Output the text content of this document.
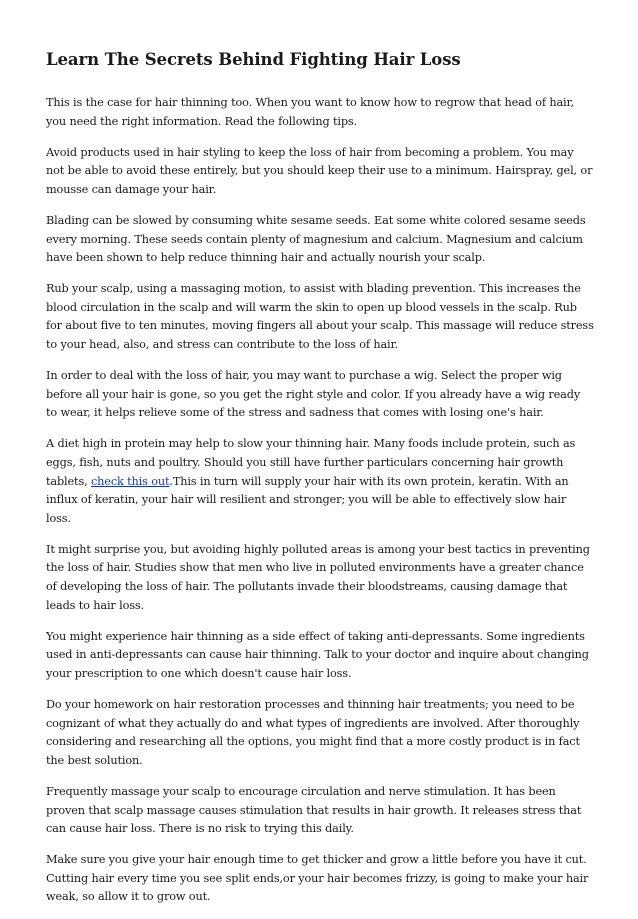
Learn The Secrets Behind Fighting Hair Loss

This is the case for hair thinning too. When you want to know how to regrow that head of hair, you need the right information. Read the following tips.

Avoid products used in hair styling to keep the loss of hair from becoming a problem. You may not be able to avoid these entirely, but you should keep their use to a minimum. Hairspray, gel, or mousse can damage your hair.

Blading can be slowed by consuming white sesame seeds. Eat some white colored sesame seeds every morning. These seeds contain plenty of magnesium and calcium. Magnesium and calcium have been shown to help reduce thinning hair and actually nourish your scalp.

Rub your scalp, using a massaging motion, to assist with blading prevention. This increases the blood circulation in the scalp and will warm the skin to open up blood vessels in the scalp. Rub for about five to ten minutes, moving fingers all about your scalp. This massage will reduce stress to your head, also, and stress can contribute to the loss of hair.

In order to deal with the loss of hair, you may want to purchase a wig. Select the proper wig before all your hair is gone, so you get the right style and color. If you already have a wig ready to wear, it helps relieve some of the stress and sadness that comes with losing one's hair.

A diet high in protein may help to slow your thinning hair. Many foods include protein, such as eggs, fish, nuts and poultry. Should you still have further particulars concerning hair growth tablets, check this out.This in turn will supply your hair with its own protein, keratin. With an influx of keratin, your hair will resilient and stronger; you will be able to effectively slow hair loss.

It might surprise you, but avoiding highly polluted areas is among your best tactics in preventing the loss of hair. Studies show that men who live in polluted environments have a greater chance of developing the loss of hair. The pollutants invade their bloodstreams, causing damage that leads to hair loss.

You might experience hair thinning as a side effect of taking anti-depressants. Some ingredients used in anti-depressants can cause hair thinning. Talk to your doctor and inquire about changing your prescription to one which doesn't cause hair loss.

Do your homework on hair restoration processes and thinning hair treatments; you need to be cognizant of what they actually do and what types of ingredients are involved. After thoroughly considering and researching all the options, you might find that a more costly product is in fact the best solution.

Frequently massage your scalp to encourage circulation and nerve stimulation. It has been proven that scalp massage causes stimulation that results in hair growth. It releases stress that can cause hair loss. There is no risk to trying this daily.

Make sure you give your hair enough time to get thicker and grow a little before you have it cut. Cutting hair every time you see split ends,or your hair becomes frizzy, is going to make your hair weak, so allow it to grow out.
